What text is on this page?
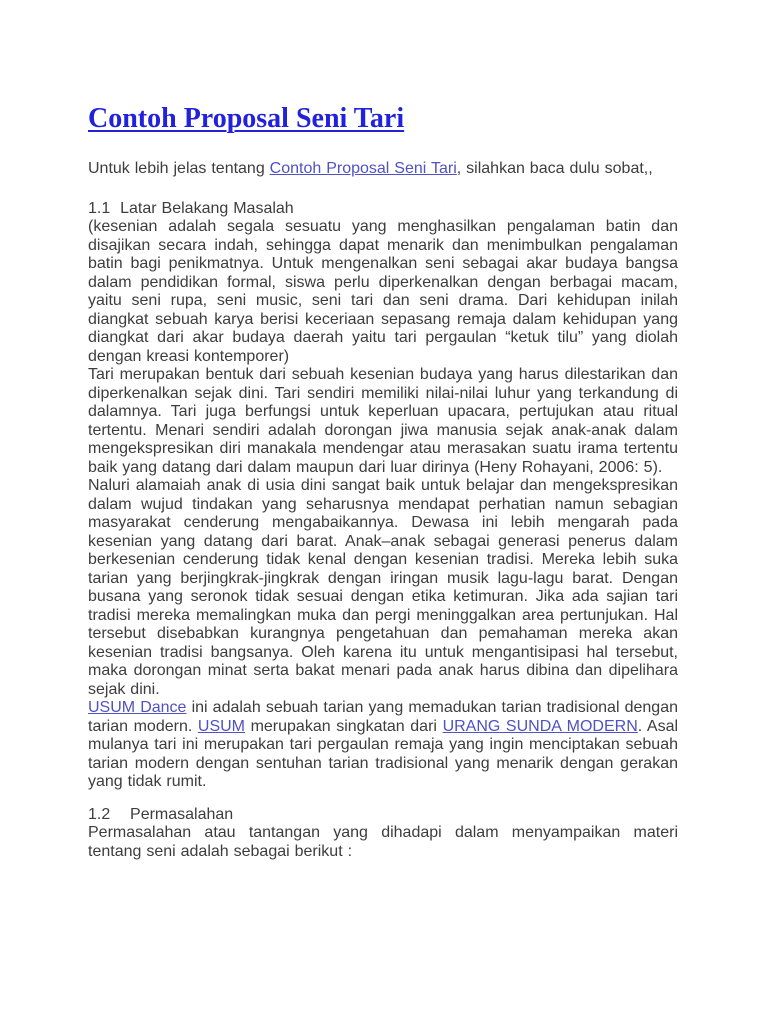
Contoh Proposal Seni Tari

Untuk lebih jelas tentang Contoh Proposal Seni Tari, silahkan baca dulu sobat,,

1.1  Latar Belakang Masalah

(kesenian adalah segala sesuatu yang menghasilkan pengalaman batin dan disajikan secara indah, sehingga dapat menarik dan menimbulkan pengalaman batin bagi penikmatnya. Untuk mengenalkan seni sebagai akar budaya bangsa dalam pendidikan formal, siswa perlu diperkenalkan dengan berbagai macam, yaitu seni rupa, seni music, seni tari dan seni drama. Dari kehidupan inilah diangkat sebuah karya berisi keceriaan sepasang remaja dalam kehidupan yang diangkat dari akar budaya daerah yaitu tari pergaulan “ketuk tilu” yang diolah dengan kreasi kontemporer)

Tari merupakan bentuk dari sebuah kesenian budaya yang harus dilestarikan dan diperkenalkan sejak dini. Tari sendiri memiliki nilai-nilai luhur yang terkandung di dalamnya. Tari juga berfungsi untuk keperluan upacara, pertujukan atau ritual tertentu. Menari sendiri adalah dorongan jiwa manusia sejak anak-anak dalam mengekspresikan diri manakala mendengar atau merasakan suatu irama tertentu baik yang datang dari dalam maupun dari luar dirinya (Heny Rohayani, 2006: 5).

Naluri alamaiah anak di usia dini sangat baik untuk belajar dan mengekspresikan dalam wujud tindakan yang seharusnya mendapat perhatian namun sebagian masyarakat cenderung mengabaikannya. Dewasa ini lebih mengarah pada kesenian yang datang dari barat. Anak–anak sebagai generasi penerus dalam berkesenian cenderung tidak kenal dengan kesenian tradisi. Mereka lebih suka tarian yang berjingkrak-jingkrak dengan iringan musik lagu-lagu barat. Dengan busana yang seronok tidak sesuai dengan etika ketimuran. Jika ada sajian tari tradisi mereka memalingkan muka dan pergi meninggalkan area pertunjukan. Hal tersebut disebabkan kurangnya pengetahuan dan pemahaman mereka akan kesenian tradisi bangsanya. Oleh karena itu untuk mengantisipasi hal tersebut, maka dorongan minat serta bakat menari pada anak harus dibina dan dipelihara sejak dini.

USUM Dance ini adalah sebuah tarian yang memadukan tarian tradisional dengan tarian modern. USUM merupakan singkatan dari URANG SUNDA MODERN. Asal mulanya tari ini merupakan tari pergaulan remaja yang ingin menciptakan sebuah tarian modern dengan sentuhan tarian tradisional yang menarik dengan gerakan yang tidak rumit.

1.2    Permasalahan

Permasalahan atau tantangan yang dihadapi dalam menyampaikan materi tentang seni adalah sebagai berikut :
